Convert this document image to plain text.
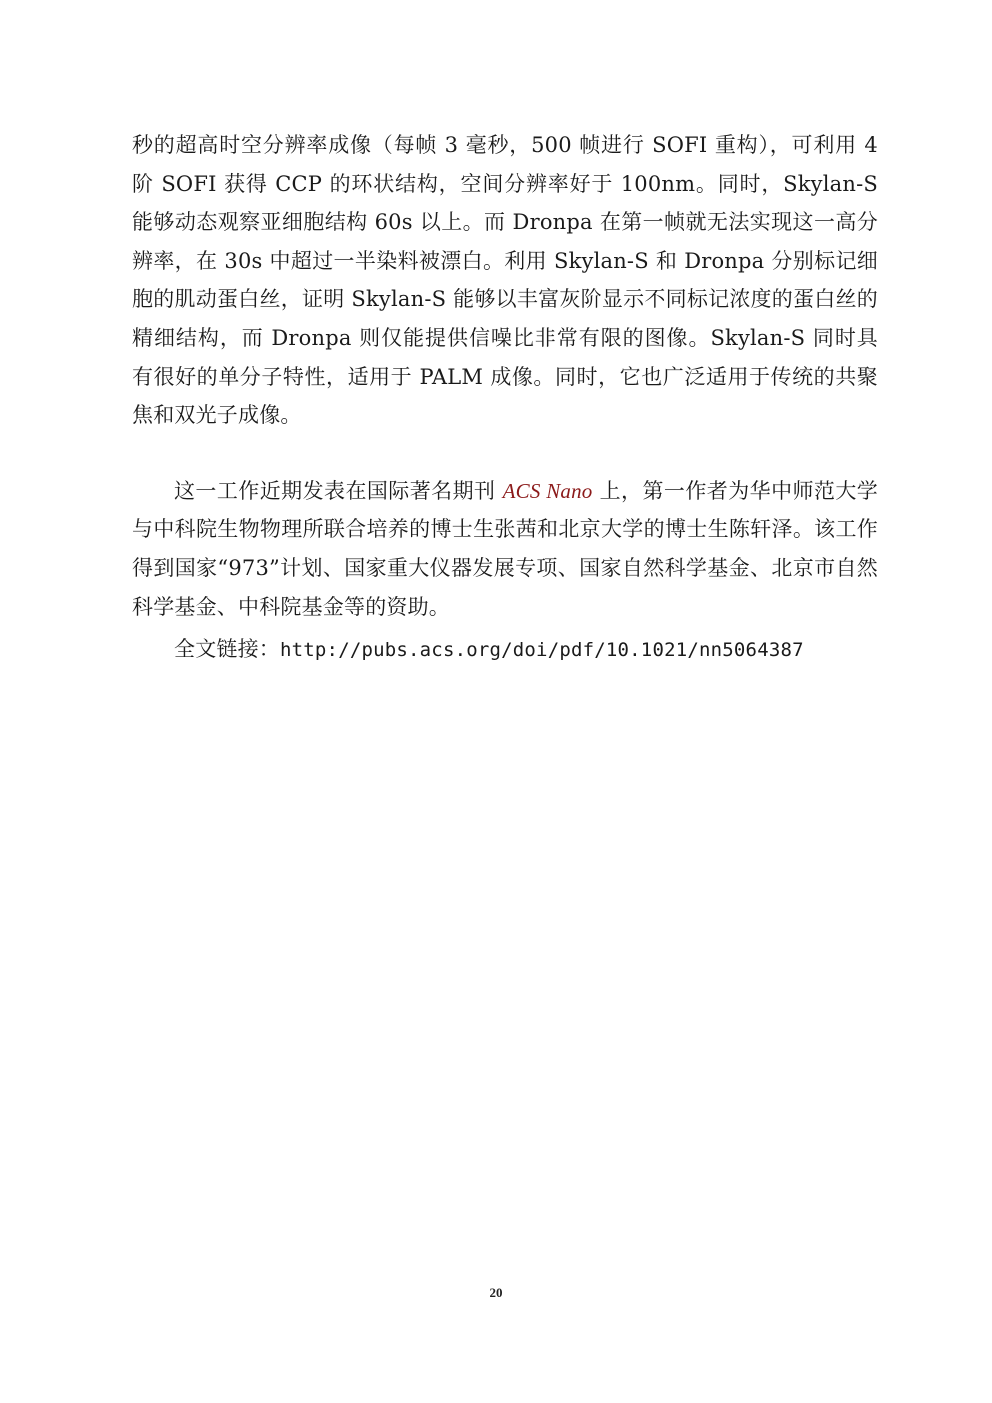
秒的超高时空分辨率成像（每帧 3 毫秒，500 帧进行 SOFI 重构），可利用 4 阶 SOFI 获得 CCP 的环状结构，空间分辨率好于 100nm。同时，Skylan-S 能够动态观察亚细胞结构 60s 以上。而 Dronpa 在第一帧就无法实现这一高分辨率，在 30s 中超过一半染料被漂白。利用 Skylan-S 和 Dronpa 分别标记细胞的肌动蛋白丝，证明 Skylan-S 能够以丰富灰阶显示不同标记浓度的蛋白丝的精细结构，而 Dronpa 则仅能提供信噪比非常有限的图像。Skylan-S 同时具有很好的单分子特性，适用于 PALM 成像。同时，它也广泛适用于传统的共聚焦和双光子成像。

这一工作近期发表在国际著名期刊 ACS Nano 上，第一作者为华中师范大学与中科院生物物理所联合培养的博士生张茜和北京大学的博士生陈轩泽。该工作得到国家“973”计划、国家重大仪器发展专项、国家自然科学基金、北京市自然科学基金、中科院基金等的资助。

全文链接：http://pubs.acs.org/doi/pdf/10.1021/nn5064387

20
